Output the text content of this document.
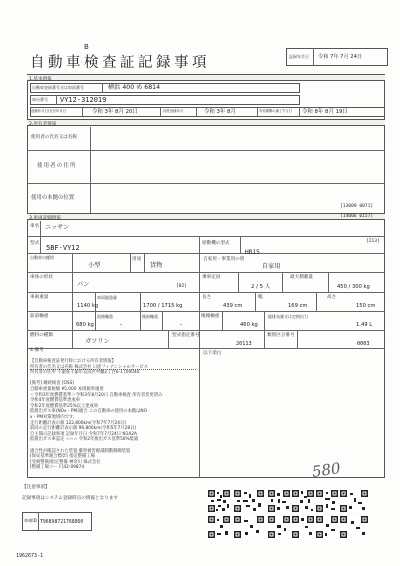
記録年月日 令和 7年 7月 24日
B
自動車検査証記録事項
1.基本情報
自動車登録番号又は車両番号	横浜 400 め 6814
車台番号 VY12-312019
登録年月日/交付年月日	令和 3年 8月 20日	初度登録年月	令和 3年 8月	有効期間の満了する日 令和 8年 8月 19日
2.所有者情報
使用者の氏名又は名称
使用者の住所
使用の本拠の位置
[13009 0071]
3.車両詳細情報	[14006 0157]
車名 ニッサン
[213]
型式
5BF-VY12
原動機の型式
HR15
自動車の種別
小型
用途
貨物
自家用・事業用の別
自家用
車体の形状
バン	[02]
乗車定員
2 / 5 人
最大積載量
450 / 300 kg
車両重量
1140 kg
車両総重量
1700 / 1715 kg
長さ
439 cm
幅
169 cm
高さ
150 cm
前前軸重
680 kg
前後軸重
-
後前軸重
-
後後軸重
460 kg
総排気量又は定格出力
1.49 L
燃料の種類
ガソリン
型式指定番号
20113
類別区分番号
0003
4.備考
【自動車検査証発行時における所有者情報】
所有者の氏名又は名称 株式会社 日産フィナンシャルサービス
所有者の住所 千葉県千葉市美浜区中瀬2丁目6-1 [00040
[備考] 継続検査 [OSS]
自動車重量税額 ¥5,000 本則税率適用
＜令和3年度燃費基準＞令和3年8月20日 自動車検査 所有者変更済み
令和4年度燃費基準達成車
令和2年度燃費基準25%以上達成車
低排出ガス車(NOx・PM)適合 この自動車の使用の本拠はNO
x・PM対策地域内です。
走行距離計表示値 122,800km(令和7年7月24日)
前回の走行距離計表示値 96,800km(令和5年7月28日)
自主開示記録事項 記録年月日 令和7年7月24日 N1A2A
低排出ガス車認定 ☆☆☆ 令和2年排出ガス基準50%低減
適合性が確認された装置 衝突被害軽減制動制御装置
[保安基準適合標章] 指定整備工場
[受検整備]指定整備 神奈川 株式会社
[整備工場コード]42-09874
以下余白
580
【注意事項】
記録事項はシステム登録時点の情報となります
車検ID T96898721768860
1962673-1
